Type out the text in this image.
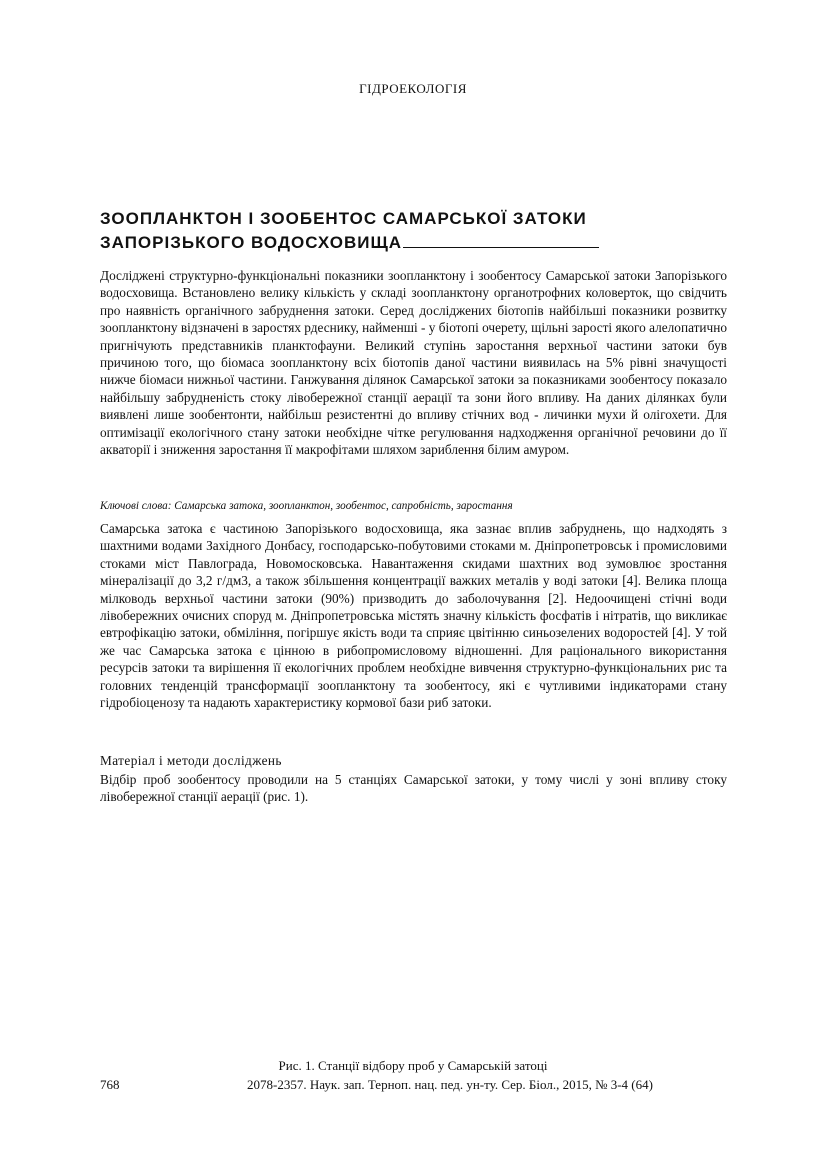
ГІДРОЕКОЛОГІЯ
ЗООПЛАНКТОН І ЗООБЕНТОС САМАРСЬКОЇ ЗАТОКИ
ЗАПОРІЗЬКОГО ВОДОСХОВИЩА
Досліджені структурно-функціональні показники зоопланктону і зообентосу Самарської затоки Запорізького водосховища. Встановлено велику кількість у складі зоопланктону органотрофних коловерток, що свідчить про наявність органічного забруднення затоки. Серед досліджених біотопів найбільші показники розвитку зоопланктону відзначені в заростях рдеснику, найменші - у біотопі очерету, щільні зарості якого алелопатично пригнічують представників планктофауни. Великий ступінь заростання верхньої частини затоки був причиною того, що біомаса зоопланктону всіх біотопів даної частини виявилась на 5% рівні значущості нижче біомаси нижньої частини. Ганжування ділянок Самарської затоки за показниками зообентосу показало найбільшу забрудненість стоку лівобережної станції аерації та зони його впливу. На даних ділянках були виявлені лише зообентонти, найбільш резистентні до впливу стічних вод - личинки мухи й олігохети. Для оптимізації екологічного стану затоки необхідне чітке регулювання надходження органічної речовини до її акваторії і зниження заростання її макрофітами шляхом зариблення білим амуром.
Ключові слова: Самарська затока, зоопланктон, зообентос, сапробність, заростання
Самарська затока є частиною Запорізького водосховища, яка зазнає вплив забруднень, що надходять з шахтними водами Західного Донбасу, господарсько-побутовими стоками м. Дніпропетровськ і промисловими стоками міст Павлограда, Новомосковська. Навантаження скидами шахтних вод зумовлює зростання мінералізації до 3,2 г/дм3, а також збільшення концентрації важких металів у воді затоки [4]. Велика площа мілководь верхньої частини затоки (90%) призводить до заболочування [2]. Недоочищені стічні води лівобережних очисних споруд м. Дніпропетровська містять значну кількість фосфатів і нітратів, що викликає евтрофікацію затоки, обміління, погіршує якість води та сприяє цвітінню синьозелених водоростей [4]. У той же час Самарська затока є цінною в рибопромисловому відношенні. Для раціонального використання ресурсів затоки та вирішення її екологічних проблем необхідне вивчення структурно-функціональних рис та головних тенденцій трансформації зоопланктону та зообентосу, які є чутливими індикаторами стану гідробіоценозу та надають характеристику кормової бази риб затоки.
Матеріал і методи досліджень
Відбір проб зообентосу проводили на 5 станціях Самарської затоки, у тому числі у зоні впливу стоку лівобережної станції аерації (рис. 1).
Рис. 1. Станції відбору проб у Самарській затоці
768	2078-2357. Наук. зап. Терноп. нац. пед. ун-ту. Сер. Біол., 2015, № 3-4 (64)
